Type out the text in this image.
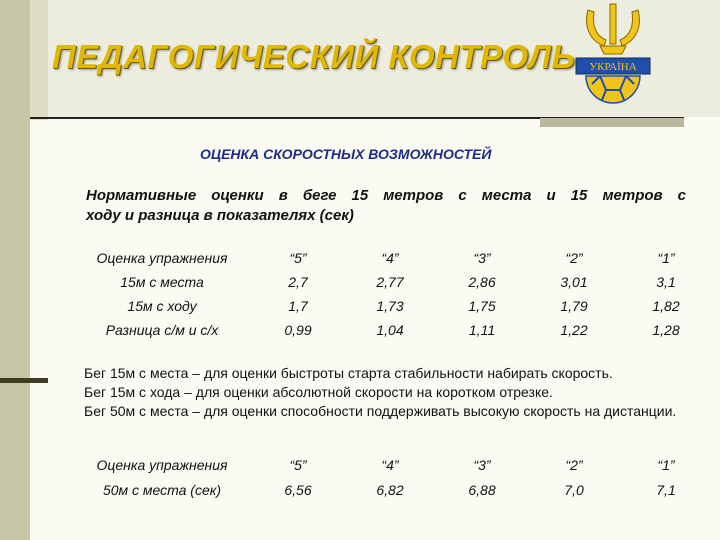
ПЕДАГОГИЧЕСКИЙ КОНТРОЛЬ УКРАЇНА
ОЦЕНКА СКОРОСТНЫХ ВОЗМОЖНОСТЕЙ

Нормативные оценки в беге 15 метров с места и 15 метров с
ходу и разница в показателях (сек)

Оценка упражнения	“5”	“4”	“3”	“2”	“1”
15м с места	2,7	2,77	2,86	3,01	3,1
15м с ходу	1,7	1,73	1,75	1,79	1,82
Разница с/м и с/х	0,99	1,04	1,11	1,22	1,28

Бег 15м с места – для оценки быстроты старта стабильности набирать скорость.

Бег 15м с хода – для оценки абсолютной скорости на коротком отрезке.

Бег 50м с места – для оценки способности поддерживать высокую скорость на дистанции.

Оценка упражнения	“5”	“4”	“3”	“2”	“1”
50м с места (сек)	6,56	6,82	6,88	7,0	7,1
